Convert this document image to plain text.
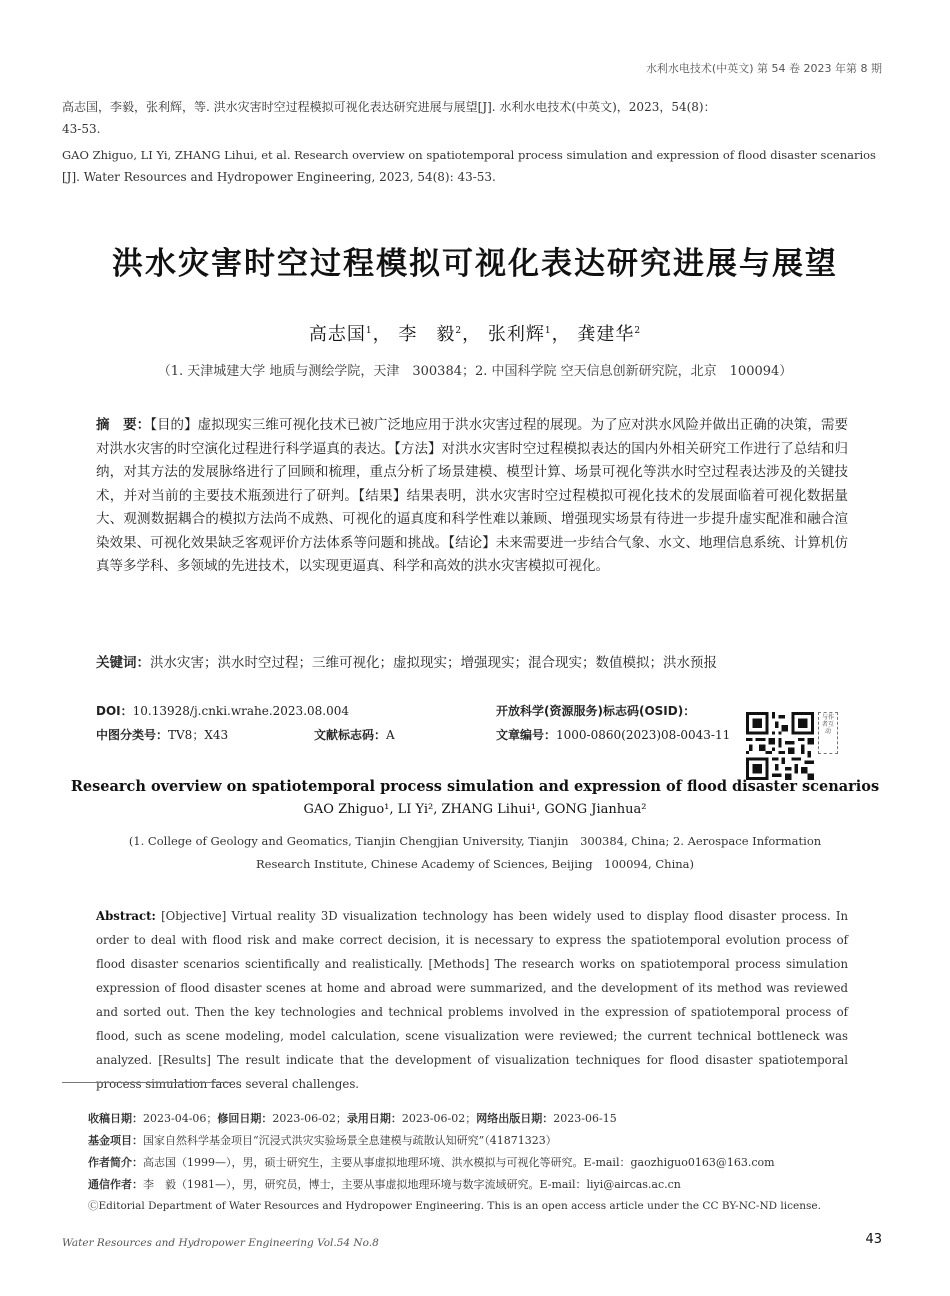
水利水电技术(中英文) 第 54 卷 2023 年第 8 期
高志国，李毅，张利辉，等. 洪水灾害时空过程模拟可视化表达研究进展与展望[J]. 水利水电技术(中英文)，2023，54(8)：
43-53.
GAO Zhiguo, LI Yi, ZHANG Lihui, et al. Research overview on spatiotemporal process simulation and expression of flood disaster scenarios
[J]. Water Resources and Hydropower Engineering, 2023, 54(8): 43-53.
洪水灾害时空过程模拟可视化表达研究进展与展望
高志国$^1$， 李　毅$^2$， 张利辉$^1$， 龚建华$^2$
（1. 天津城建大学 地质与测绘学院，天津　300384；2. 中国科学院 空天信息创新研究院，北京　100094）
摘　要：【目的】虚拟现实三维可视化技术已被广泛地应用于洪水灾害过程的展现。为了应对洪水风险并做出正确的决策，需要对洪水灾害的时空演化过程进行科学逼真的表达。【方法】对洪水灾害时空过程模拟表达的国内外相关研究工作进行了总结和归纳，对其方法的发展脉络进行了回顾和梳理，重点分析了场景建模、模型计算、场景可视化等洪水时空过程表达涉及的关键技术，并对当前的主要技术瓶颈进行了研判。【结果】结果表明，洪水灾害时空过程模拟可视化技术的发展面临着可视化数据量大、观测数据耦合的模拟方法尚不成熟、可视化的逼真度和科学性难以兼顾、增强现实场景有待进一步提升虚实配准和融合渲染效果、可视化效果缺乏客观评价方法体系等问题和挑战。【结论】未来需要进一步结合气象、水文、地理信息系统、计算机仿真等多学科、多领域的先进技术，以实现更逼真、科学和高效的洪水灾害模拟可视化。
关键词：洪水灾害；洪水时空过程；三维可视化；虚拟现实；增强现实；混合现实；数值模拟；洪水预报
DOI：10.13928/j.cnki.wrahe.2023.08.004	开放科学(资源服务)标志码(OSID)：
中图分类号：TV8；X43	文献标志码：A	文章编号：1000-0860(2023)08-0043-11
与作者互动
Research overview on spatiotemporal process simulation and expression of flood disaster scenarios
GAO Zhiguo¹, LI Yi², ZHANG Lihui¹, GONG Jianhua²
(1. College of Geology and Geomatics, Tianjin Chengjian University, Tianjin　300384, China; 2. Aerospace Information
Research Institute, Chinese Academy of Sciences, Beijing　100094, China)
Abstract: [Objective] Virtual reality 3D visualization technology has been widely used to display flood disaster process. In order to deal with flood risk and make correct decision, it is necessary to express the spatiotemporal evolution process of flood disaster scenarios scientifically and realistically. [Methods] The research works on spatiotemporal process simulation expression of flood disaster scenes at home and abroad were summarized, and the development of its method was reviewed and sorted out. Then the key technologies and technical problems involved in the expression of spatiotemporal process of flood, such as scene modeling, model calculation, scene visualization were reviewed; the current technical bottleneck was analyzed. [Results] The result indicate that the development of visualization techniques for flood disaster spatiotemporal process simulation faces several challenges.
收稿日期：2023-04-06；修回日期：2023-06-02；录用日期：2023-06-02；网络出版日期：2023-06-15
基金项目：国家自然科学基金项目“沉浸式洪灾实验场景全息建模与疏散认知研究”（41871323）
作者简介：高志国（1999—），男，硕士研究生，主要从事虚拟地理环境、洪水模拟与可视化等研究。E-mail：gaozhiguo0163@163.com
通信作者：李　毅（1981—），男，研究员，博士，主要从事虚拟地理环境与数字流域研究。E-mail：liyi@aircas.ac.cn
ⒸEditorial Department of Water Resources and Hydropower Engineering. This is an open access article under the CC BY-NC-ND license.
Water Resources and Hydropower Engineering Vol.54 No.8	43
